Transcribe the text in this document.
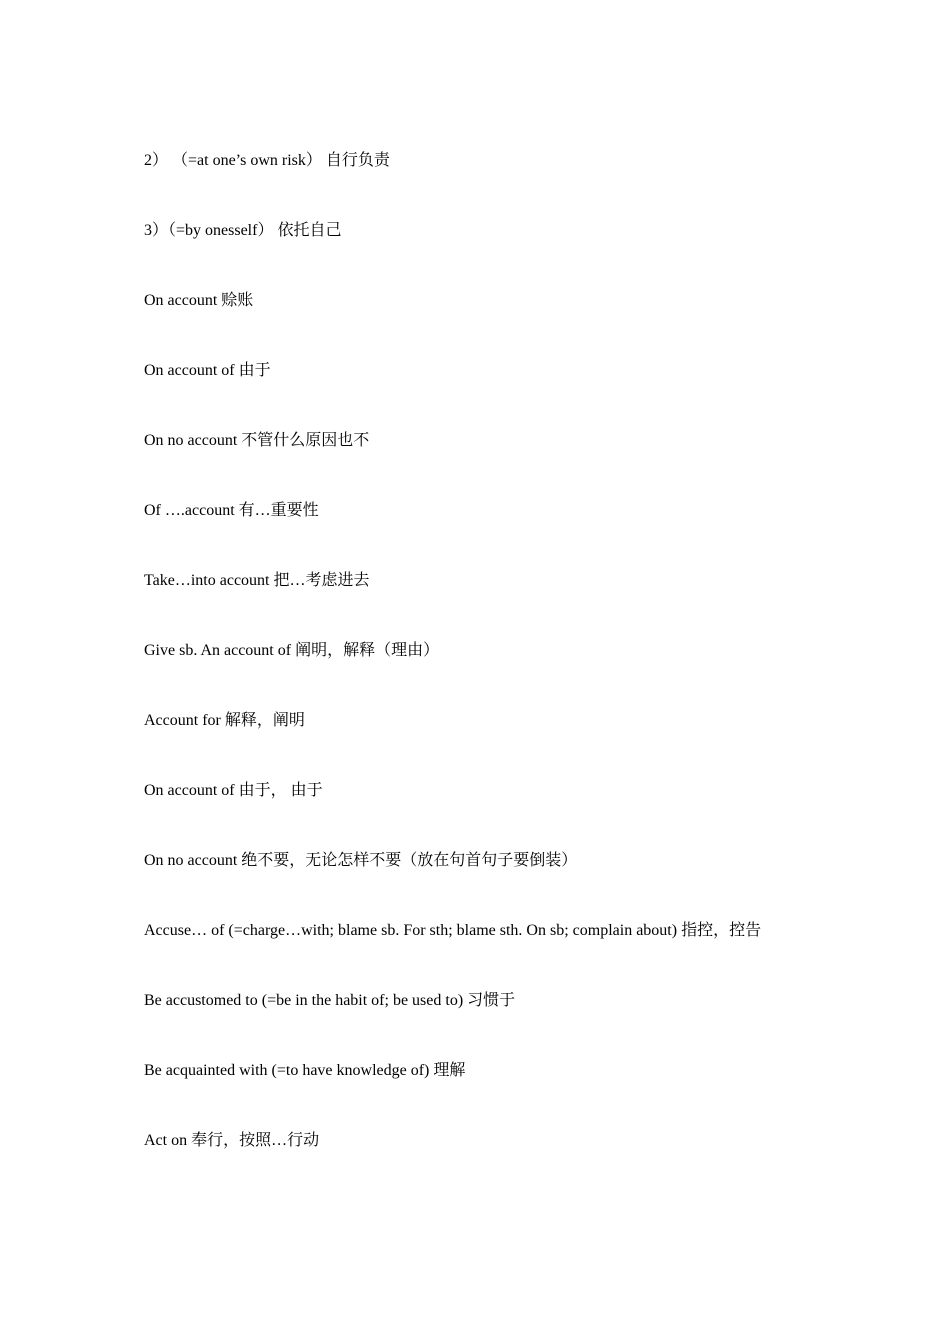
2） （=at one’s own risk） 自行负责

3）（=by onesself） 依托自己

On account 赊账

On account of 由于

On no account 不管什么原因也不

Of ….account 有…重要性

Take…into account 把…考虑进去

Give sb. An account of 阐明，解释（理由）

Account for 解释，阐明

On account of 由于， 由于

On no account 绝不要，无论怎样不要（放在句首句子要倒装）

Accuse… of (=charge…with; blame sb. For sth; blame sth. On sb; complain about) 指控，控告

Be accustomed to (=be in the habit of; be used to) 习惯于

Be acquainted with (=to have knowledge of) 理解

Act on 奉行，按照…行动
